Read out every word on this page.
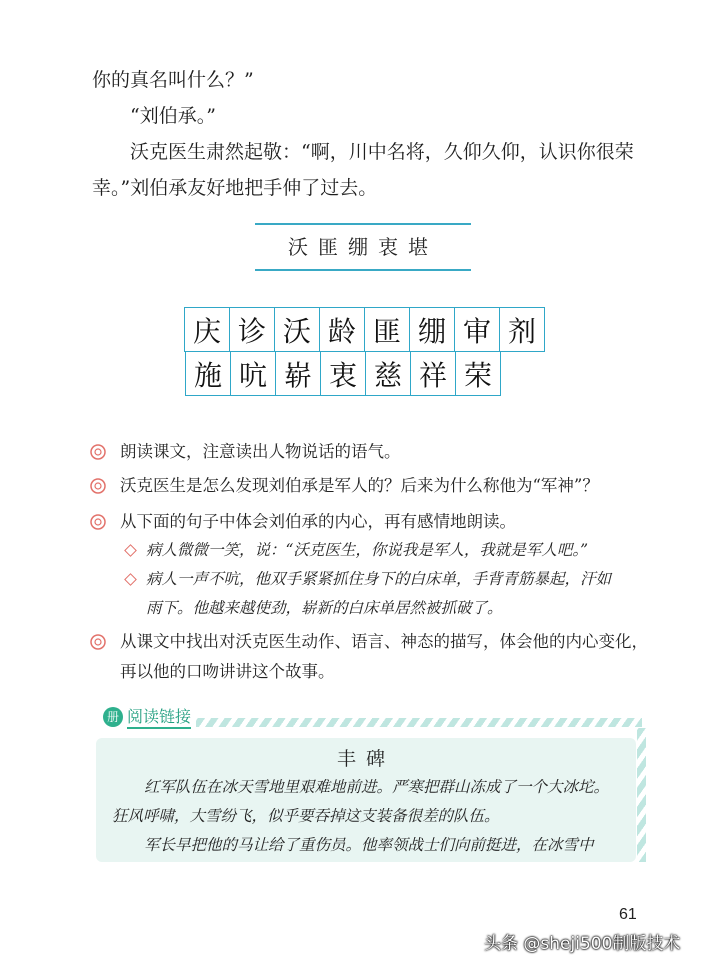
你的真名叫什么？”

“刘伯承。”

沃克医生肃然起敬：“啊，川中名将，久仰久仰，认识你很荣

幸。”刘伯承友好地把手伸了过去。

沃匪绷衷堪
庆 诊 沃 龄 匪 绷 审 剂
施 吭 崭 衷 慈 祥 荣
朗读课文，注意读出人物说话的语气。
沃克医生是怎么发现刘伯承是军人的？后来为什么称他为“军神”？
从下面的句子中体会刘伯承的内心，再有感情地朗读。
病人微微一笑，说：“沃克医生，你说我是军人，我就是军人吧。”
病人一声不吭，他双手紧紧抓住身下的白床单，手背青筋暴起，汗如
雨下。他越来越使劲，崭新的白床单居然被抓破了。
从课文中找出对沃克医生动作、语言、神态的描写，体会他的内心变化，
再以他的口吻讲讲这个故事。
册 阅读链接
丰碑

红军队伍在冰天雪地里艰难地前进。严寒把群山冻成了一个大冰坨。

狂风呼啸，大雪纷飞，似乎要吞掉这支装备很差的队伍。

军长早把他的马让给了重伤员。他率领战士们向前挺进，在冰雪中

61
头条 @sheji500制版技术
